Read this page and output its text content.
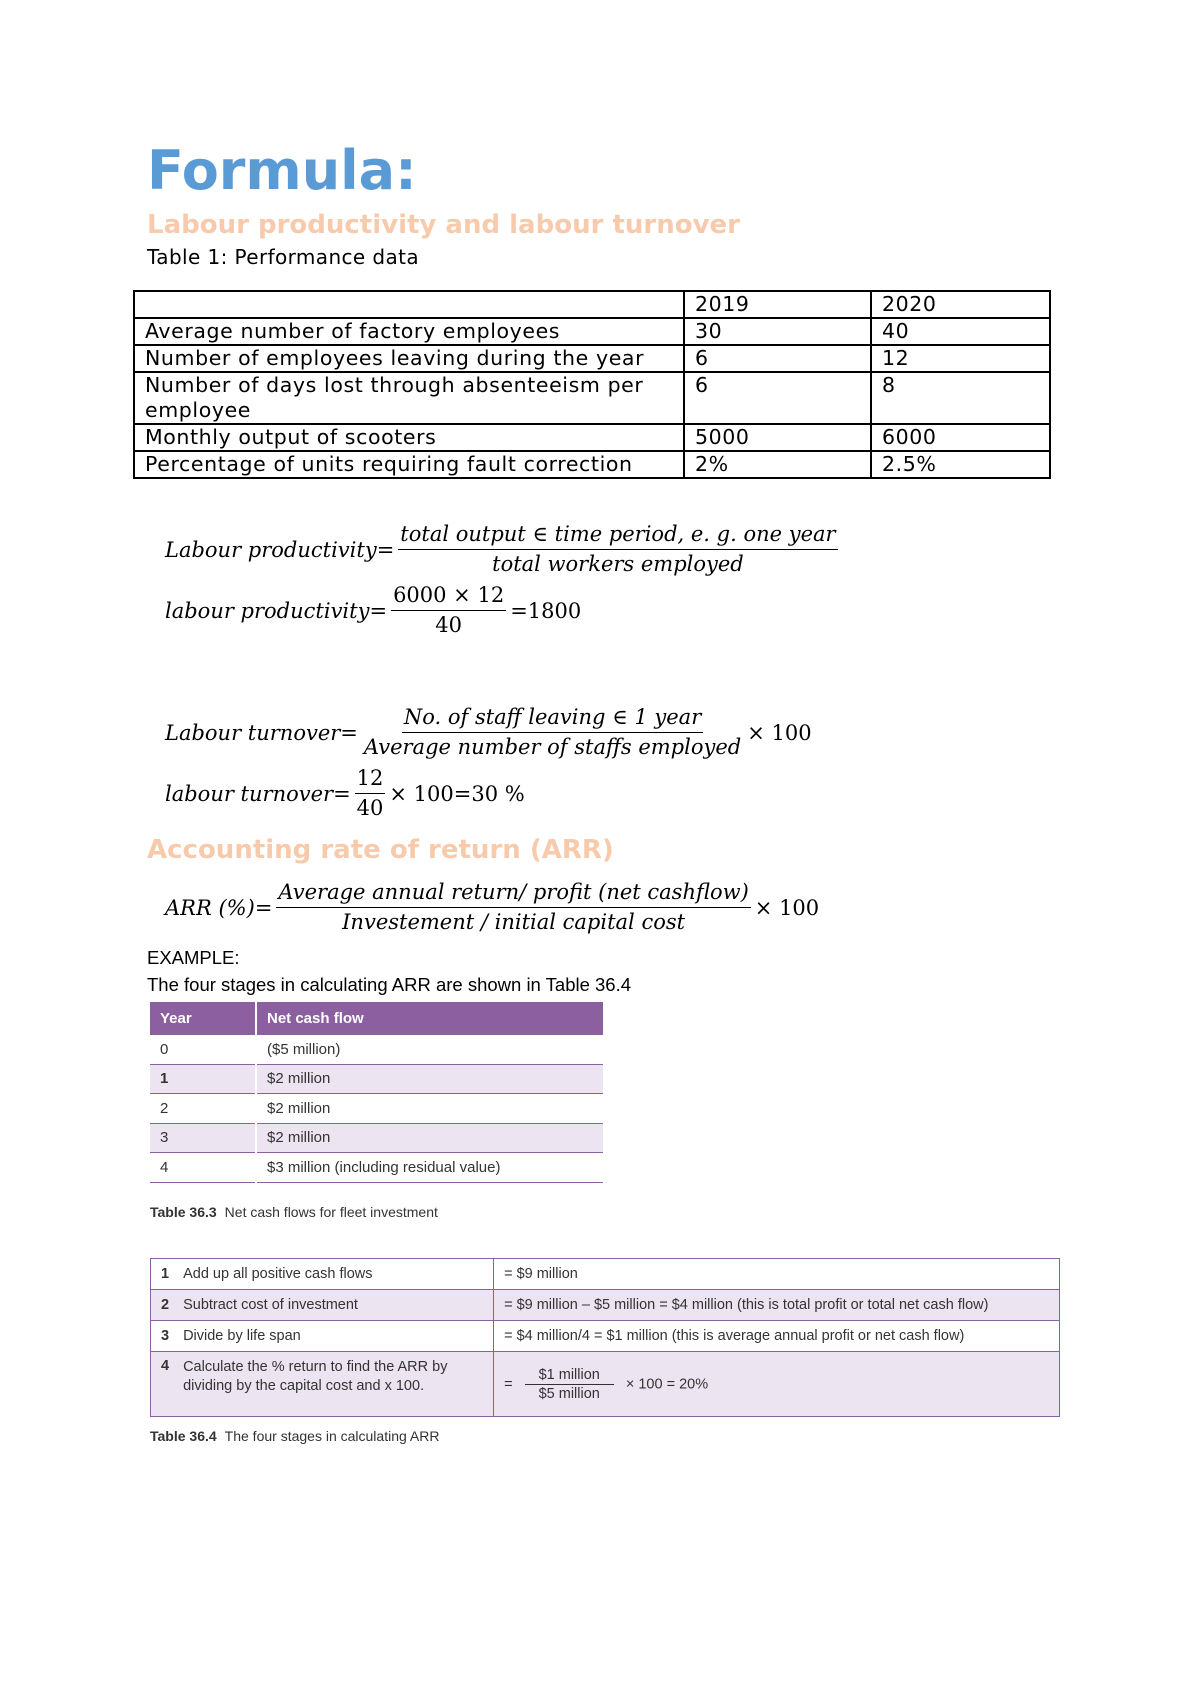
Formula:
Labour productivity and labour turnover
Table 1: Performance data
	2019	2020
Average number of factory employees	30	40
Number of employees leaving during the year	6	12
Number of days lost through absenteeism per employee	6	8
Monthly output of scooters	5000	6000
Percentage of units requiring fault correction	2%	2.5%
Labour productivity = $\frac{\text{total output ∈ time period, e. g. one year}}{\text{total workers employed}}$
labour productivity = $\frac{6000 \times 12}{40} =1800$
Labour turnover = $\frac{\text{No. of staff leaving ∈ 1 year}}{\text{Average number of staffs employed}} \times 100$
labour turnover = $\frac{12}{40} \times 100=30$ %
Accounting rate of return (ARR)
ARR (%) = $\frac{\text{Average annual return/ profit (net cashflow)}}{\text{Investement / initial capital cost}} \times 100$
EXAMPLE:
The four stages in calculating ARR are shown in Table 36.4
Year	Net cash flow
0	($5 million)
1	$2 million
2	$2 million
3	$2 million
4	$3 million (including residual value)
Table 36.3 Net cash flows for fleet investment
1	Add up all positive cash flows	= $9 million
2	Subtract cost of investment	= $9 million – $5 million = $4 million (this is total profit or total net cash flow)
3	Divide by life span	= $4 million/4 = $1 million (this is average annual profit or net cash flow)
4	Calculate the % return to find the ARR by dividing by the capital cost and x 100.	=
$1 million
$5 million
× 100 = 20%
Table 36.4 The four stages in calculating ARR
